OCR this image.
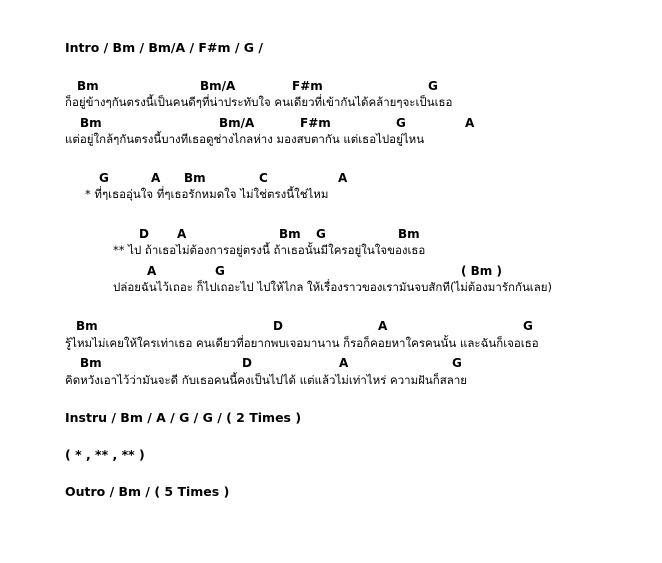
Intro / Bm / Bm/A / F#m / G /
Bm	Bm/A	F#m	G
ก็อยู่ข้างๆกันตรงนี้เป็นคนดีๆที่น่าประทับใจ คนเดียวที่เข้ากันได้คล้ายๆจะเป็นเธอ
Bm	Bm/A	F#m	G	A
แต่อยู่ใกล้ๆกันตรงนี้บางทีเธอดูช่างไกลห่าง มองสบตากัน แต่เธอไปอยู่ไหน
G	A Bm	C	A
* ที่ๆเธออุ่นใจ ที่ๆเธอรักหมดใจ ไม่ใช่ตรงนี้ใช่ไหม
D A	Bm G	Bm
** ไป ถ้าเธอไม่ต้องการอยู่ตรงนี้ ถ้าเธอนั้นมีใครอยู่ในใจของเธอ
A	G	( Bm )
ปล่อยฉันไว้เถอะ ก็ไปเถอะไป ไปให้ไกล ให้เรื่องราวของเรามันจบสักที(ไม่ต้องมารักกันเลย)
Bm	D	A	G
รู้ไหมไม่เคยให้ใครเท่าเธอ คนเดียวที่อยากพบเจอมานาน ก็รอก็คอยหาใครคนนั้น และฉันก็เจอเธอ
Bm	D	A	G
คิดหวังเอาไว้ว่ามันจะดี กับเธอคนนี้คงเป็นไปได้ แต่แล้วไม่เท่าไหร่ ความฝันก็สลาย
Instru / Bm / A / G / G / ( 2 Times )
( * , ** , ** )
Outro / Bm / ( 5 Times )
